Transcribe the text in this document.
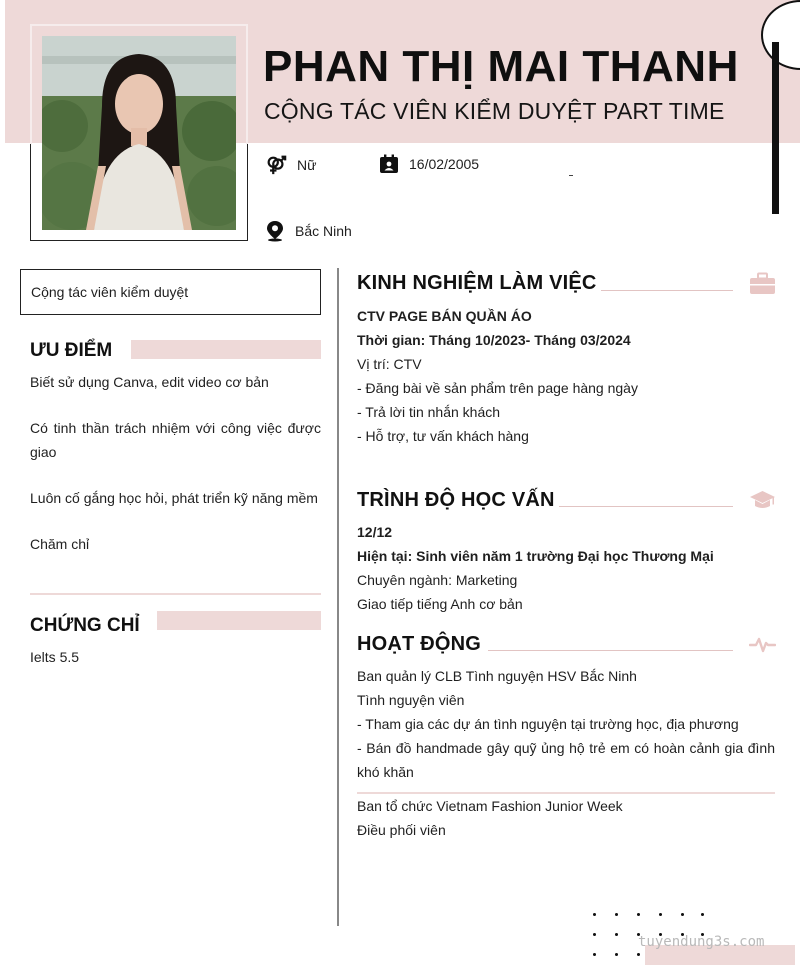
PHAN THỊ MAI THANH
CỘNG TÁC VIÊN KIỂM DUYỆT PART TIME
Nữ	16/02/2005
Bắc Ninh
Cộng tác viên kiểm duyệt
ƯU ĐIỂM
Biết sử dụng Canva, edit video cơ bản
Có tinh thần trách nhiệm với công việc được giao
Luôn cố gắng học hỏi, phát triển kỹ năng mềm
Chăm chỉ
CHỨNG CHỈ
Ielts 5.5
KINH NGHIỆM LÀM VIỆC
CTV PAGE BÁN QUẦN ÁO
Thời gian: Tháng 10/2023- Tháng 03/2024
Vị trí: CTV
- Đăng bài về sản phẩm trên page hàng ngày
- Trả lời tin nhắn khách
- Hỗ trợ, tư vấn khách hàng
TRÌNH ĐỘ HỌC VẤN
12/12
Hiện tại: Sinh viên năm 1 trường Đại học Thương Mại
Chuyên ngành: Marketing
Giao tiếp tiếng Anh cơ bản
HOẠT ĐỘNG
Ban quản lý CLB Tình nguyện HSV Bắc Ninh
Tình nguyện viên
- Tham gia các dự án tình nguyện tại trường học, địa phương
- Bán đồ handmade gây quỹ ủng hộ trẻ em có hoàn cảnh gia đình khó khăn
Ban tổ chức Vietnam Fashion Junior Week
Điều phối viên
tuyendung3s.com
